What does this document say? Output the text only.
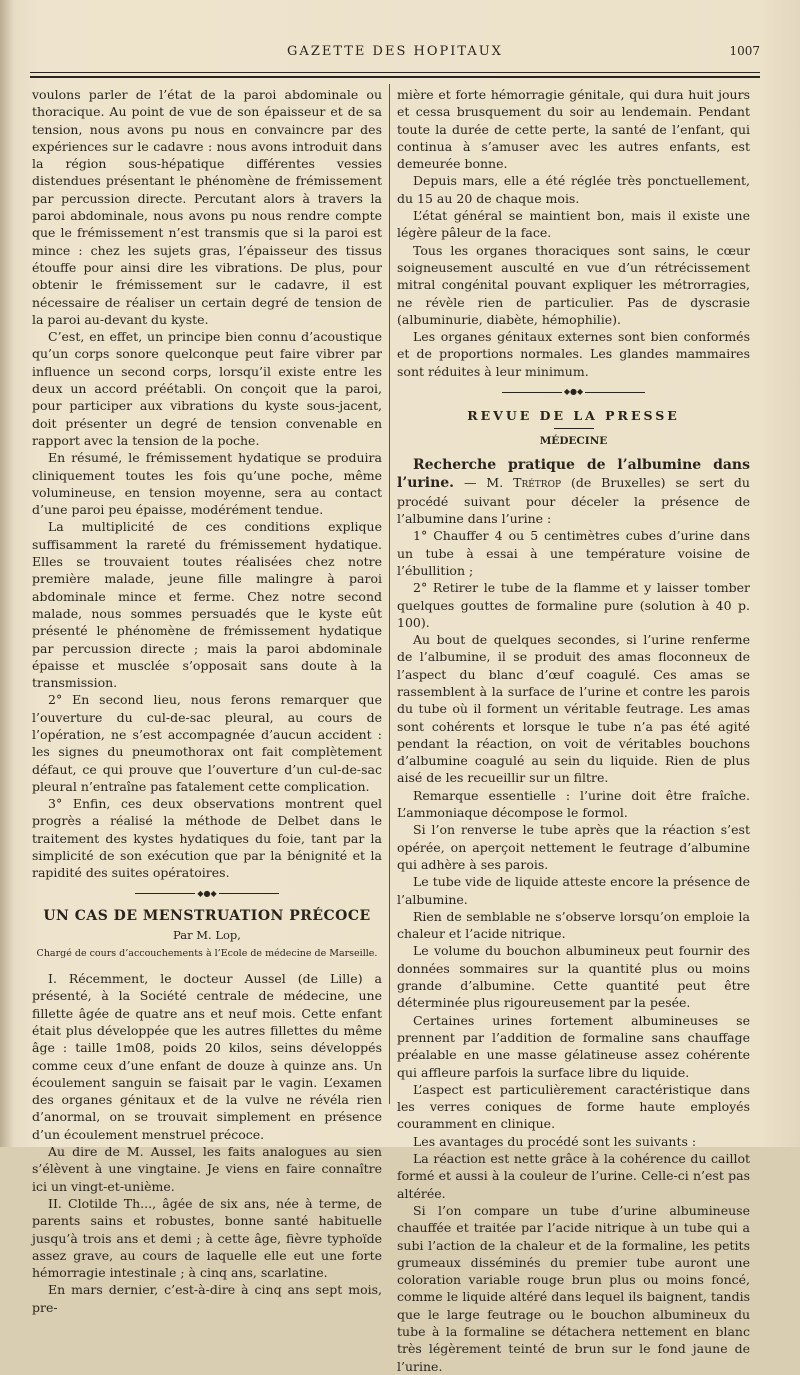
GAZETTE DES HOPITAUX	1007

voulons parler de l’état de la paroi abdominale ou thoracique. Au point de vue de son épaisseur et de sa tension, nous avons pu nous en convaincre par des expériences sur le cadavre : nous avons introduit dans la région sous-hépatique différentes vessies distendues présentant le phénomène de frémissement par percussion directe. Percutant alors à travers la paroi abdominale, nous avons pu nous rendre compte que le frémissement n’est transmis que si la paroi est mince : chez les sujets gras, l’épaisseur des tissus étouffe pour ainsi dire les vibrations. De plus, pour obtenir le frémissement sur le cadavre, il est nécessaire de réaliser un certain degré de tension de la paroi au-devant du kyste.

C’est, en effet, un principe bien connu d’acoustique qu’un corps sonore quelconque peut faire vibrer par influence un second corps, lorsqu’il existe entre les deux un accord préétabli. On conçoit que la paroi, pour participer aux vibrations du kyste sous-jacent, doit présenter un degré de tension convenable en rapport avec la tension de la poche.

En résumé, le frémissement hydatique se produira cliniquement toutes les fois qu’une poche, même volumineuse, en tension moyenne, sera au contact d’une paroi peu épaisse, modérément tendue.

La multiplicité de ces conditions explique suffisamment la rareté du frémissement hydatique. Elles se trouvaient toutes réalisées chez notre première malade, jeune fille malingre à paroi abdominale mince et ferme. Chez notre second malade, nous sommes persuadés que le kyste eût présenté le phénomène de frémissement hydatique par percussion directe ; mais la paroi abdominale épaisse et musclée s’opposait sans doute à la transmission.

2° En second lieu, nous ferons remarquer que l’ouverture du cul-de-sac pleural, au cours de l’opération, ne s’est accompagnée d’aucun accident : les signes du pneumothorax ont fait complètement défaut, ce qui prouve que l’ouverture d’un cul-de-sac pleural n’entraîne pas fatalement cette complication.

3° Enfin, ces deux observations montrent quel progrès a réalisé la méthode de Delbet dans le traitement des kystes hydatiques du foie, tant par la simplicité de son exécution que par la bénignité et la rapidité des suites opératoires.

◆●◆

UN CAS DE MENSTRUATION PRÉCOCE

Par M. Lop,

Chargé de cours d’accouchements à l’Ecole de médecine de Marseille.

I. Récemment, le docteur Aussel (de Lille) a présenté, à la Société centrale de médecine, une fillette âgée de quatre ans et neuf mois. Cette enfant était plus développée que les autres fillettes du même âge : taille 1m08, poids 20 kilos, seins développés comme ceux d’une enfant de douze à quinze ans. Un écoulement sanguin se faisait par le vagin. L’examen des organes génitaux et de la vulve ne révéla rien d’anormal, on se trouvait simplement en présence d’un écoulement menstruel précoce.

Au dire de M. Aussel, les faits analogues au sien s’élèvent à une vingtaine. Je viens en faire connaître ici un vingt-et-unième.

II. Clotilde Th..., âgée de six ans, née à terme, de parents sains et robustes, bonne santé habituelle jusqu’à trois ans et demi ; à cette âge, fièvre typhoïde assez grave, au cours de laquelle elle eut une forte hémorragie intestinale ; à cinq ans, scarlatine.

En mars dernier, c’est-à-dire à cinq ans sept mois, pre-

mière et forte hémorragie génitale, qui dura huit jours et cessa brusquement du soir au lendemain. Pendant toute la durée de cette perte, la santé de l’enfant, qui continua à s’amuser avec les autres enfants, est demeurée bonne.

Depuis mars, elle a été réglée très ponctuellement, du 15 au 20 de chaque mois.

L’état général se maintient bon, mais il existe une légère pâleur de la face.

Tous les organes thoraciques sont sains, le cœur soigneusement ausculté en vue d’un rétrécissement mitral congénital pouvant expliquer les métrorragies, ne révèle rien de particulier. Pas de dyscrasie (albuminurie, diabète, hémophilie).

Les organes génitaux externes sont bien conformés et de proportions normales. Les glandes mammaires sont réduites à leur minimum.

◆●◆

REVUE DE LA PRESSE

MÉDECINE

Recherche pratique de l’albumine dans l’urine. — M. Trétrop (de Bruxelles) se sert du procédé suivant pour déceler la présence de l’albumine dans l’urine :

1° Chauffer 4 ou 5 centimètres cubes d’urine dans un tube à essai à une température voisine de l’ébullition ;

2° Retirer le tube de la flamme et y laisser tomber quelques gouttes de formaline pure (solution à 40 p. 100).

Au bout de quelques secondes, si l’urine renferme de l’albumine, il se produit des amas floconneux de l’aspect du blanc d’œuf coagulé. Ces amas se rassemblent à la surface de l’urine et contre les parois du tube où il forment un véritable feutrage. Les amas sont cohérents et lorsque le tube n’a pas été agité pendant la réaction, on voit de véritables bouchons d’albumine coagulé au sein du liquide. Rien de plus aisé de les recueillir sur un filtre.

Remarque essentielle : l’urine doit être fraîche. L’ammoniaque décompose le formol.

Si l’on renverse le tube après que la réaction s’est opérée, on aperçoit nettement le feutrage d’albumine qui adhère à ses parois.

Le tube vide de liquide atteste encore la présence de l’albumine.

Rien de semblable ne s’observe lorsqu’on emploie la chaleur et l’acide nitrique.

Le volume du bouchon albumineux peut fournir des données sommaires sur la quantité plus ou moins grande d’albumine. Cette quantité peut être déterminée plus rigoureusement par la pesée.

Certaines urines fortement albumineuses se prennent par l’addition de formaline sans chauffage préalable en une masse gélatineuse assez cohérente qui affleure parfois la surface libre du liquide.

L’aspect est particulièrement caractéristique dans les verres coniques de forme haute employés couramment en clinique.

Les avantages du procédé sont les suivants :

La réaction est nette grâce à la cohérence du caillot formé et aussi à la couleur de l’urine. Celle-ci n’est pas altérée.

Si l’on compare un tube d’urine albumineuse chauffée et traitée par l’acide nitrique à un tube qui a subi l’action de la chaleur et de la formaline, les petits grumeaux disséminés du premier tube auront une coloration variable rouge brun plus ou moins foncé, comme le liquide altéré dans lequel ils baignent, tandis que le large feutrage ou le bouchon albumineux du tube à la formaline se détachera nettement en blanc très légèrement teinté de brun sur le fond jaune de l’urine.
